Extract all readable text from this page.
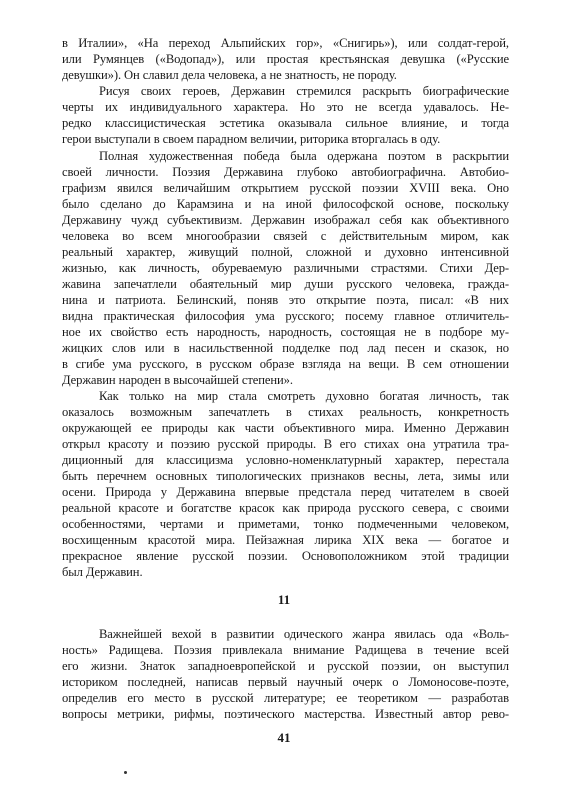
в Италии», «На переход Альпийских гор», «Снигирь»), или солдат-герой,
или Румянцев («Водопад»), или простая крестьянская девушка («Русские
девушки»). Он славил дела человека, а не знатность, не породу.
Рисуя своих героев, Державин стремился раскрыть биографические
черты их индивидуального характера. Но это не всегда удавалось. Не-
редко классицистическая эстетика оказывала сильное влияние, и тогда
герои выступали в своем парадном величии, риторика вторгалась в оду.
Полная художественная победа была одержана поэтом в раскрытии
своей личности. Поэзия Державина глубоко автобиографична. Автобио-
графизм явился величайшим открытием русской поэзии XVIII века. Оно
было сделано до Карамзина и на иной философской основе, поскольку
Державину чужд субъективизм. Державин изображал себя как объективного
человека во всем многообразии связей с действительным миром, как
реальный характер, живущий полной, сложной и духовно интенсивной
жизнью, как личность, обуреваемую различными страстями. Стихи Дер-
жавина запечатлели обаятельный мир души русского человека, гражда-
нина и патриота. Белинский, поняв это открытие поэта, писал: «В них
видна практическая философия ума русского; посему главное отличитель-
ное их свойство есть народность, народность, состоящая не в подборе му-
жицких слов или в насильственной подделке под лад песен и сказок, но
в сгибе ума русского, в русском образе взгляда на вещи. В сем отношении
Державин народен в высочайшей степени».
Как только на мир стала смотреть духовно богатая личность, так
оказалось возможным запечатлеть в стихах реальность, конкретность
окружающей ее природы как части объективного мира. Именно Державин
открыл красоту и поэзию русской природы. В его стихах она утратила тра-
диционный для классицизма условно-номенклатурный характер, перестала
быть перечнем основных типологических признаков весны, лета, зимы или
осени. Природа у Державина впервые предстала перед читателем в своей
реальной красоте и богатстве красок как природа русского севера, с своими
особенностями, чертами и приметами, тонко подмеченными человеком,
восхищенным красотой мира. Пейзажная лирика XIX века — богатое и
прекрасное явление русской поэзии. Основоположником этой традиции
был Державин.
11
Важнейшей вехой в развитии одического жанра явилась ода «Воль-
ность» Радищева. Поэзия привлекала внимание Радищева в течение всей
его жизни. Знаток западноевропейской и русской поэзии, он выступил
историком последней, написав первый научный очерк о Ломоносове-поэте,
определив его место в русской литературе; ее теоретиком — разработав
вопросы метрики, рифмы, поэтического мастерства. Известный автор рево-
41
